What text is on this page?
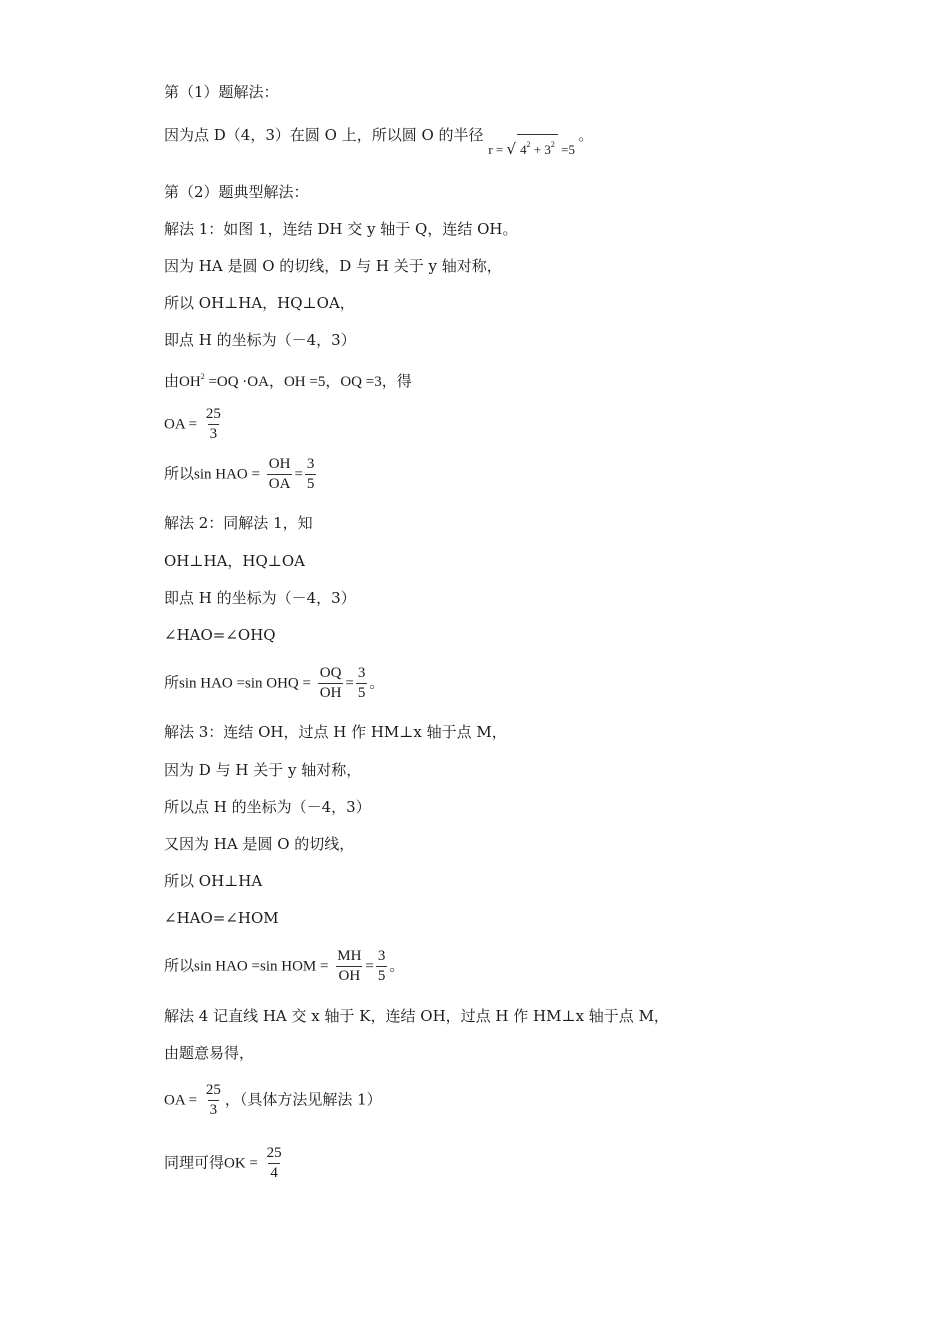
第（1）题解法：
因为点 D（4，3）在圆 O 上，所以圆 O 的半径 r = √ $4^2 + 3^2 =5$ 。
第（2）题典型解法：
解法 1：如图 1，连结 DH 交 y 轴于 Q，连结 OH。
因为 HA 是圆 O 的切线，D 与 H 关于 y 轴对称，
所以 OH⊥HA，HQ⊥OA，
即点 H 的坐标为（－4，3）
由$OH^2 =OQ \cdot OA$，OH =5，OQ =3，得
OA = $\frac{25}{3}$
所以sin HAO = $\frac{OH}{OA} = \frac{3}{5}$
解法 2：同解法 1，知
OH⊥HA，HQ⊥OA
即点 H 的坐标为（－4，3）
∠HAO=∠OHQ
所sin HAO =sin OHQ = $\frac{OQ}{OH} = \frac{3}{5}$ 。
解法 3：连结 OH，过点 H 作 HM⊥x 轴于点 M，
因为 D 与 H 关于 y 轴对称，
所以点 H 的坐标为（－4，3）
又因为 HA 是圆 O 的切线，
所以 OH⊥HA
∠HAO=∠HOM
所以sin HAO =sin HOM = $\frac{MH}{OH} = \frac{3}{5}$ 。
解法 4 记直线 HA 交 x 轴于 K，连结 OH，过点 H 作 HM⊥x 轴于点 M，
由题意易得，
OA = $\frac{25}{3}$ ，（具体方法见解法 1）
同理可得OK = $\frac{25}{4}$
